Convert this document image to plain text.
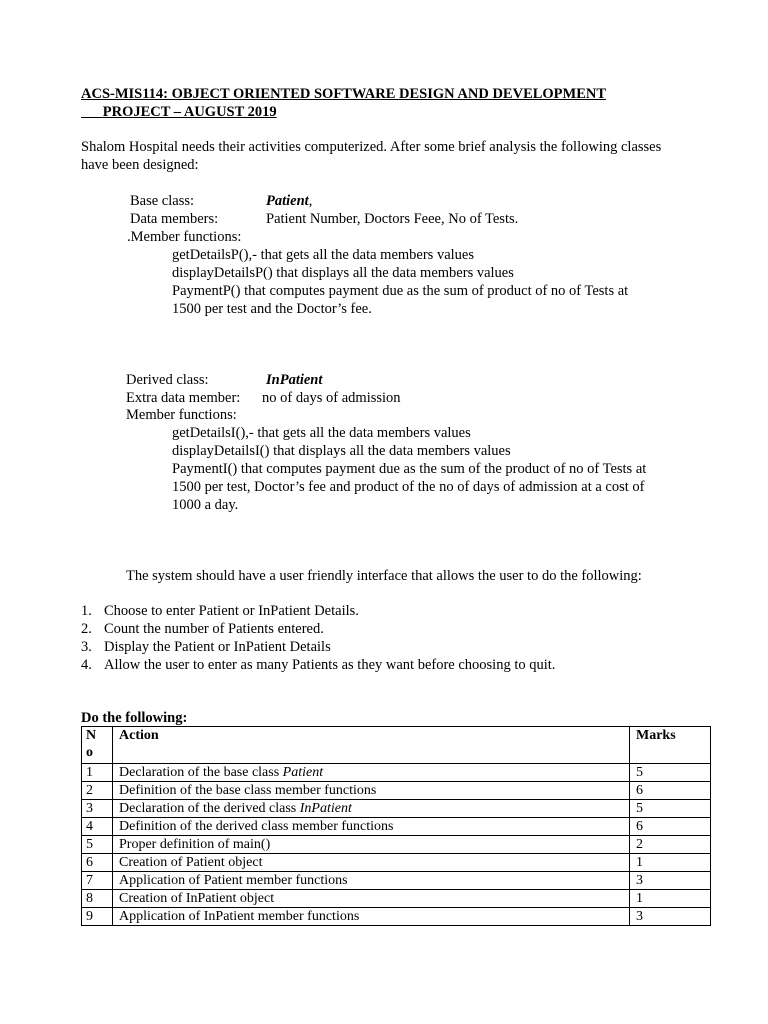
ACS-MIS114: OBJECT ORIENTED SOFTWARE DESIGN AND DEVELOPMENT
PROJECT – AUGUST 2019
Shalom Hospital needs their activities computerized. After some brief analysis the following classes
have been designed:
Base class:	Patient,
Data members:	Patient Number, Doctors Feee, No of Tests.
.Member functions:
getDetailsP(),- that gets all the data members values
displayDetailsP() that displays all the data members values
PaymentP() that computes payment due as the sum of product of no of Tests at
1500 per test and the Doctor’s fee.
Derived class:	InPatient
Extra data member: no of days of admission
Member functions:
getDetailsI(),- that gets all the data members values
displayDetailsI() that displays all the data members values
PaymentI() that computes payment due as the sum of the product of no of Tests at
1500 per test, Doctor’s fee and product of the no of days of admission at a cost of
1000 a day.
The system should have a user friendly interface that allows the user to do the following:
1. Choose to enter Patient or InPatient Details.
2. Count the number of Patients entered.
3. Display the Patient or InPatient Details
4. Allow the user to enter as many Patients as they want before choosing to quit.
Do the following:
N
o	Action	Marks
1	Declaration of the base class Patient	5
2	Definition of the base class member functions	6
3	Declaration of the derived class InPatient	5
4	Definition of the derived class member functions	6
5	Proper definition of main()	2
6	Creation of Patient object	1
7	Application of Patient member functions	3
8	Creation of InPatient object	1
9	Application of InPatient member functions	3
